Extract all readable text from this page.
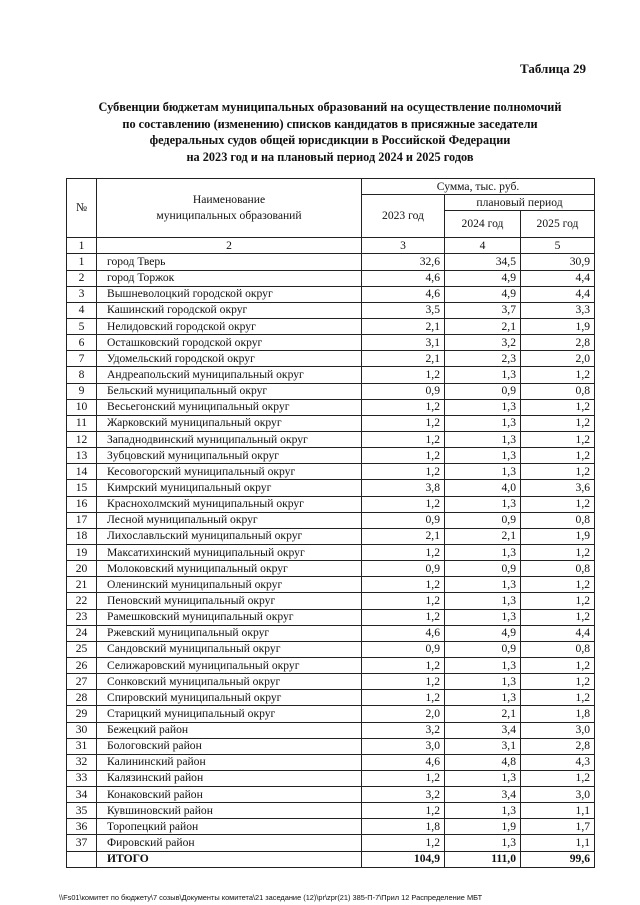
Таблица 29
Субвенции бюджетам муниципальных образований на осуществление полномочий
по составлению (изменению) списков кандидатов в присяжные заседатели
федеральных судов общей юрисдикции в Российской Федерации
на 2023 год и на плановый период 2024 и 2025 годов
№	Наименование
муниципальных образований	Сумма, тыс. руб.		
		2023 год	плановый период	
			2024 год	2025 год
1	2	3	4	5
1	город Тверь	32,6	34,5	30,9
2	город Торжок	4,6	4,9	4,4
3	Вышневолоцкий городской округ	4,6	4,9	4,4
4	Кашинский городской округ	3,5	3,7	3,3
5	Нелидовский городской округ	2,1	2,1	1,9
6	Осташковский городской округ	3,1	3,2	2,8
7	Удомельский городской округ	2,1	2,3	2,0
8	Андреапольский муниципальный округ	1,2	1,3	1,2
9	Бельский муниципальный округ	0,9	0,9	0,8
10	Весьегонский муниципальный округ	1,2	1,3	1,2
11	Жарковский муниципальный округ	1,2	1,3	1,2
12	Западнодвинский муниципальный округ	1,2	1,3	1,2
13	Зубцовский муниципальный округ	1,2	1,3	1,2
14	Кесовогорский муниципальный округ	1,2	1,3	1,2
15	Кимрский муниципальный округ	3,8	4,0	3,6
16	Краснохолмский муниципальный округ	1,2	1,3	1,2
17	Лесной муниципальный округ	0,9	0,9	0,8
18	Лихославльский муниципальный округ	2,1	2,1	1,9
19	Максатихинский муниципальный округ	1,2	1,3	1,2
20	Молоковский муниципальный округ	0,9	0,9	0,8
21	Оленинский муниципальный округ	1,2	1,3	1,2
22	Пеновский муниципальный округ	1,2	1,3	1,2
23	Рамешковский муниципальный округ	1,2	1,3	1,2
24	Ржевский муниципальный округ	4,6	4,9	4,4
25	Сандовский муниципальный округ	0,9	0,9	0,8
26	Селижаровский муниципальный округ	1,2	1,3	1,2
27	Сонковский муниципальный округ	1,2	1,3	1,2
28	Спировский муниципальный округ	1,2	1,3	1,2
29	Старицкий муниципальный округ	2,0	2,1	1,8
30	Бежецкий район	3,2	3,4	3,0
31	Бологовский район	3,0	3,1	2,8
32	Калининский район	4,6	4,8	4,3
33	Калязинский район	1,2	1,3	1,2
34	Конаковский район	3,2	3,4	3,0
35	Кувшиновский район	1,2	1,3	1,1
36	Торопецкий район	1,8	1,9	1,7
37	Фировский район	1,2	1,3	1,1
	ИТОГО	104,9	111,0	99,6
\\Fs01\комитет по бюджету\7 созыв\Документы комитета\21 заседание (12)\pr\zpr(21) 385-П-7\Прил 12 Распределение МБТ
